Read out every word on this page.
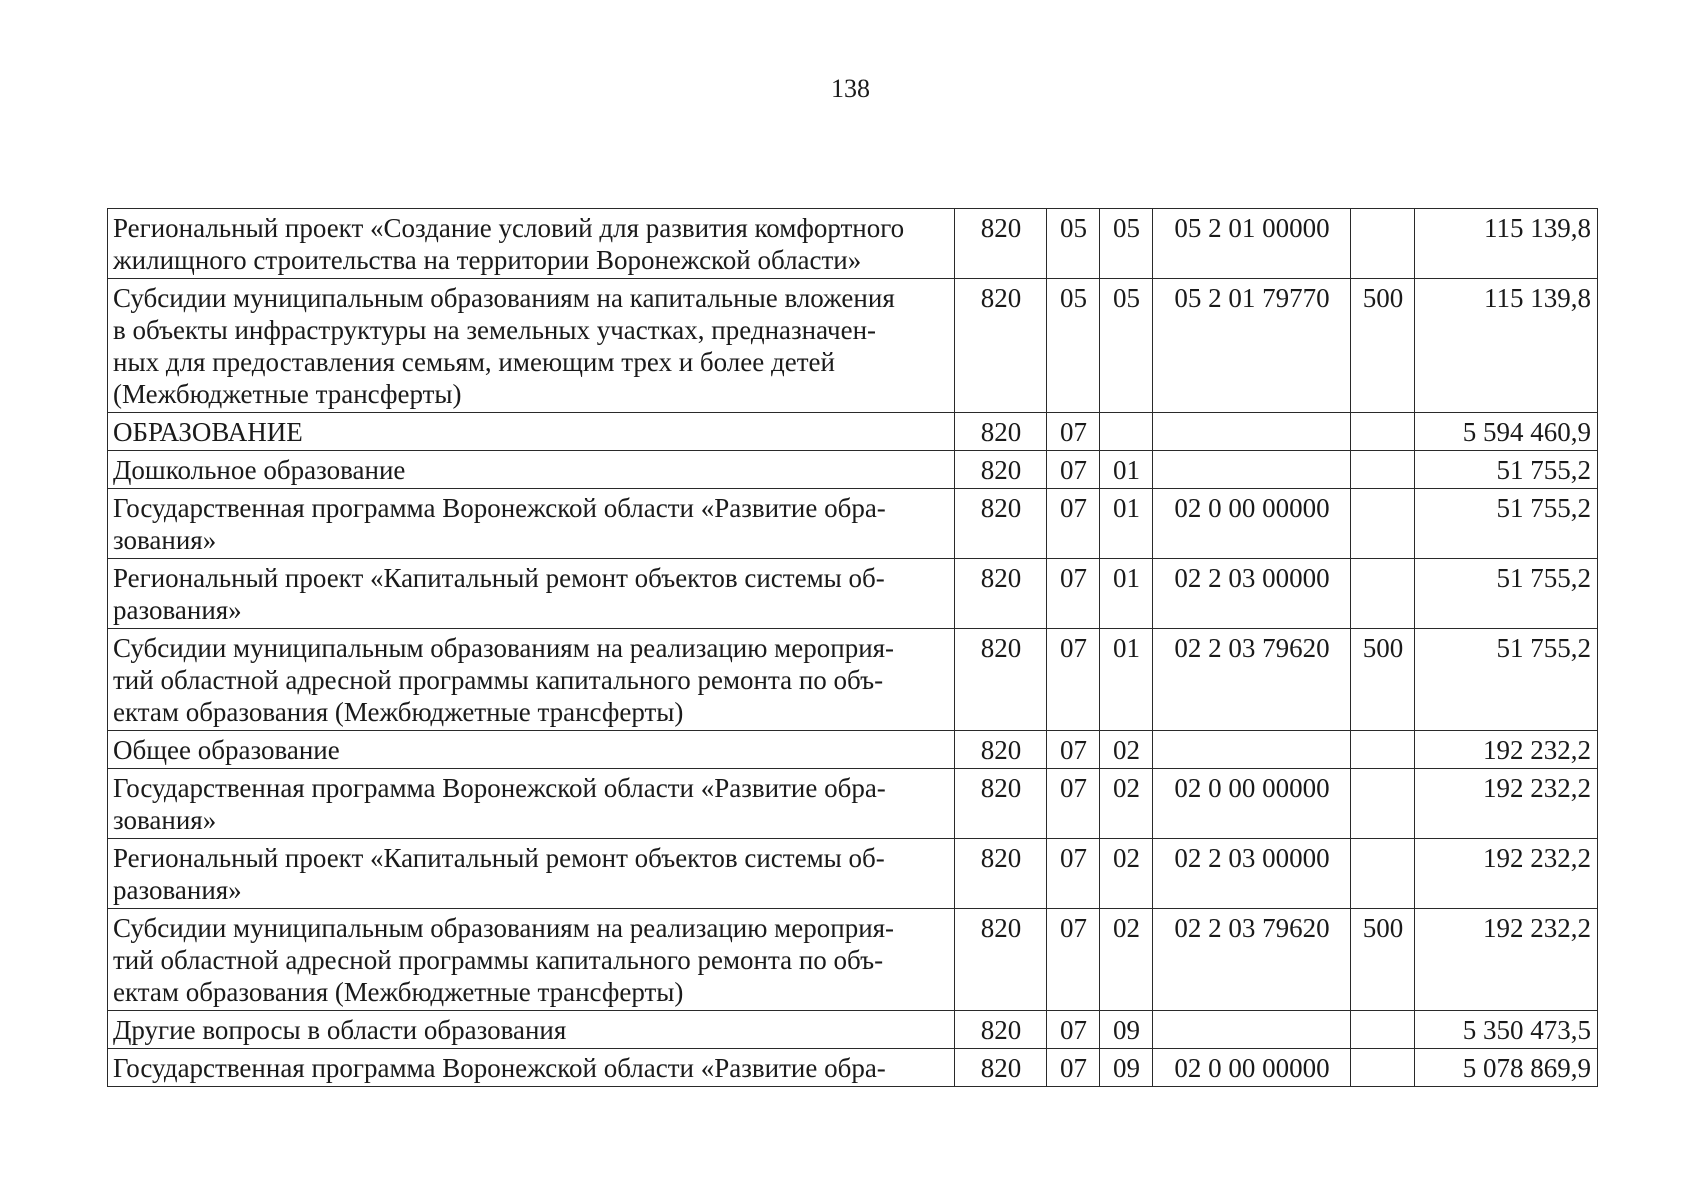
138
Региональный проект «Создание условий для развития комфортного
жилищного строительства на территории Воронежской области»	820	05	05	05 2 01 00000		115 139,8

Субсидии муниципальным образованиям на капитальные вложения
в объекты инфраструктуры на земельных участках, предназначен-
ных для предоставления семьям, имеющим трех и более детей
(Межбюджетные трансферты)	820	05	05	05 2 01 79770	500	115 139,8

ОБРАЗОВАНИЕ	820	07				5 594 460,9

Дошкольное образование	820	07	01			51 755,2

Государственная программа Воронежской области «Развитие обра-
зования»	820	07	01	02 0 00 00000		51 755,2

Региональный проект «Капитальный ремонт объектов системы об-
разования»	820	07	01	02 2 03 00000		51 755,2

Субсидии муниципальным образованиям на реализацию мероприя-
тий областной адресной программы капитального ремонта по объ-
ектам образования (Межбюджетные трансферты)	820	07	01	02 2 03 79620	500	51 755,2

Общее образование	820	07	02			192 232,2

Государственная программа Воронежской области «Развитие обра-
зования»	820	07	02	02 0 00 00000		192 232,2

Региональный проект «Капитальный ремонт объектов системы об-
разования»	820	07	02	02 2 03 00000		192 232,2

Субсидии муниципальным образованиям на реализацию мероприя-
тий областной адресной программы капитального ремонта по объ-
ектам образования (Межбюджетные трансферты)	820	07	02	02 2 03 79620	500	192 232,2

Другие вопросы в области образования	820	07	09			5 350 473,5

Государственная программа Воронежской области «Развитие обра-	820	07	09	02 0 00 00000		5 078 869,9
